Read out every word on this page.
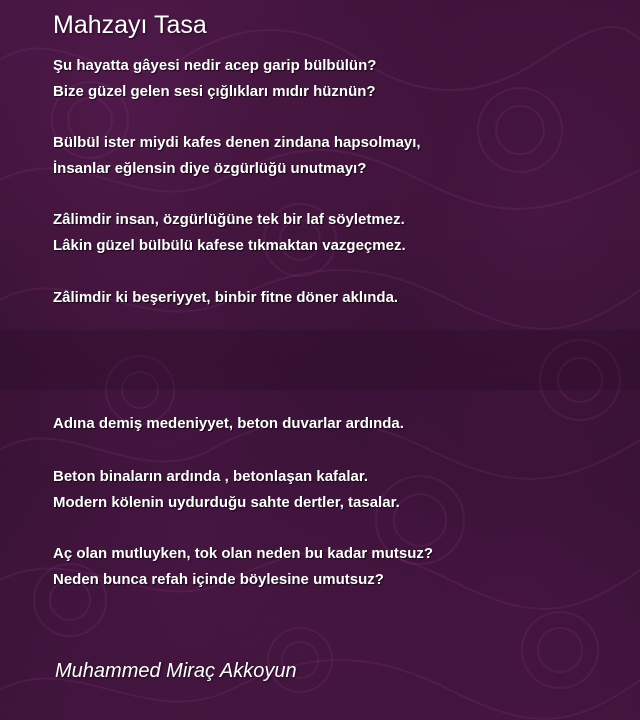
Mahzayı Tasa

Şu hayatta gâyesi nedir acep garip bülbülün?
Bize güzel gelen sesi çığlıkları mıdır hüznün?

Bülbül ister miydi kafes denen zindana hapsolmayı,
İnsanlar eğlensin diye özgürlüğü unutmayı?

Zâlimdir insan, özgürlüğüne tek bir laf söyletmez.
Lâkin güzel bülbülü kafese tıkmaktan vazgeçmez.

Zâlimdir ki beşeriyyet, binbir fitne döner aklında.

Adına demiş medeniyyet, beton duvarlar ardında.

Beton binaların ardında , betonlaşan kafalar.
Modern kölenin uydurduğu sahte dertler, tasalar.

Aç olan mutluyken, tok olan neden bu kadar mutsuz?
Neden bunca refah içinde böylesine umutsuz?

Muhammed Miraç Akkoyun
